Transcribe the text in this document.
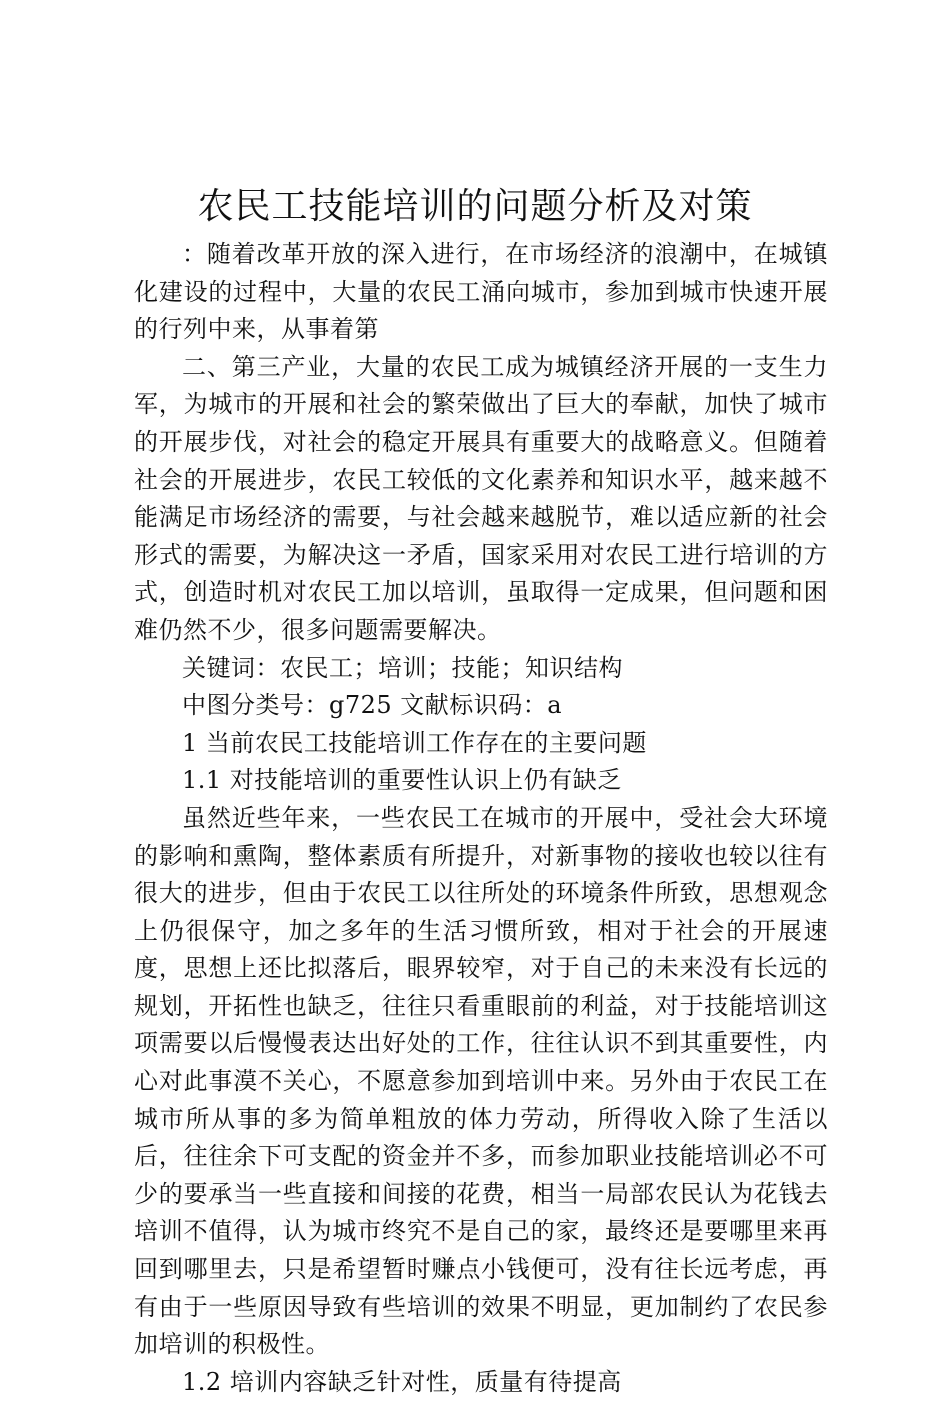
农民工技能培训的问题分析及对策

：随着改革开放的深入进行，在市场经济的浪潮中，在城镇化建设的过程中，大量的农民工涌向城市，参加到城市快速开展的行列中来，从事着第

二、第三产业，大量的农民工成为城镇经济开展的一支生力军，为城市的开展和社会的繁荣做出了巨大的奉献，加快了城市的开展步伐，对社会的稳定开展具有重要大的战略意义。但随着社会的开展进步，农民工较低的文化素养和知识水平，越来越不能满足市场经济的需要，与社会越来越脱节，难以适应新的社会形式的需要，为解决这一矛盾，国家采用对农民工进行培训的方式，创造时机对农民工加以培训，虽取得一定成果，但问题和困难仍然不少，很多问题需要解决。

关键词：农民工；培训；技能；知识结构

中图分类号：g725 文献标识码：a

1 当前农民工技能培训工作存在的主要问题

1.1 对技能培训的重要性认识上仍有缺乏

虽然近些年来，一些农民工在城市的开展中，受社会大环境的影响和熏陶，整体素质有所提升，对新事物的接收也较以往有很大的进步，但由于农民工以往所处的环境条件所致，思想观念上仍很保守，加之多年的生活习惯所致，相对于社会的开展速度，思想上还比拟落后，眼界较窄，对于自己的未来没有长远的规划，开拓性也缺乏，往往只看重眼前的利益，对于技能培训这项需要以后慢慢表达出好处的工作，往往认识不到其重要性，内心对此事漠不关心，不愿意参加到培训中来。另外由于农民工在城市所从事的多为简单粗放的体力劳动，所得收入除了生活以后，往往余下可支配的资金并不多，而参加职业技能培训必不可少的要承当一些直接和间接的花费，相当一局部农民认为花钱去培训不值得，认为城市终究不是自己的家，最终还是要哪里来再回到哪里去，只是希望暂时赚点小钱便可，没有往长远考虑，再有由于一些原因导致有些培训的效果不明显，更加制约了农民参加培训的积极性。

1.2 培训内容缺乏针对性，质量有待提高
